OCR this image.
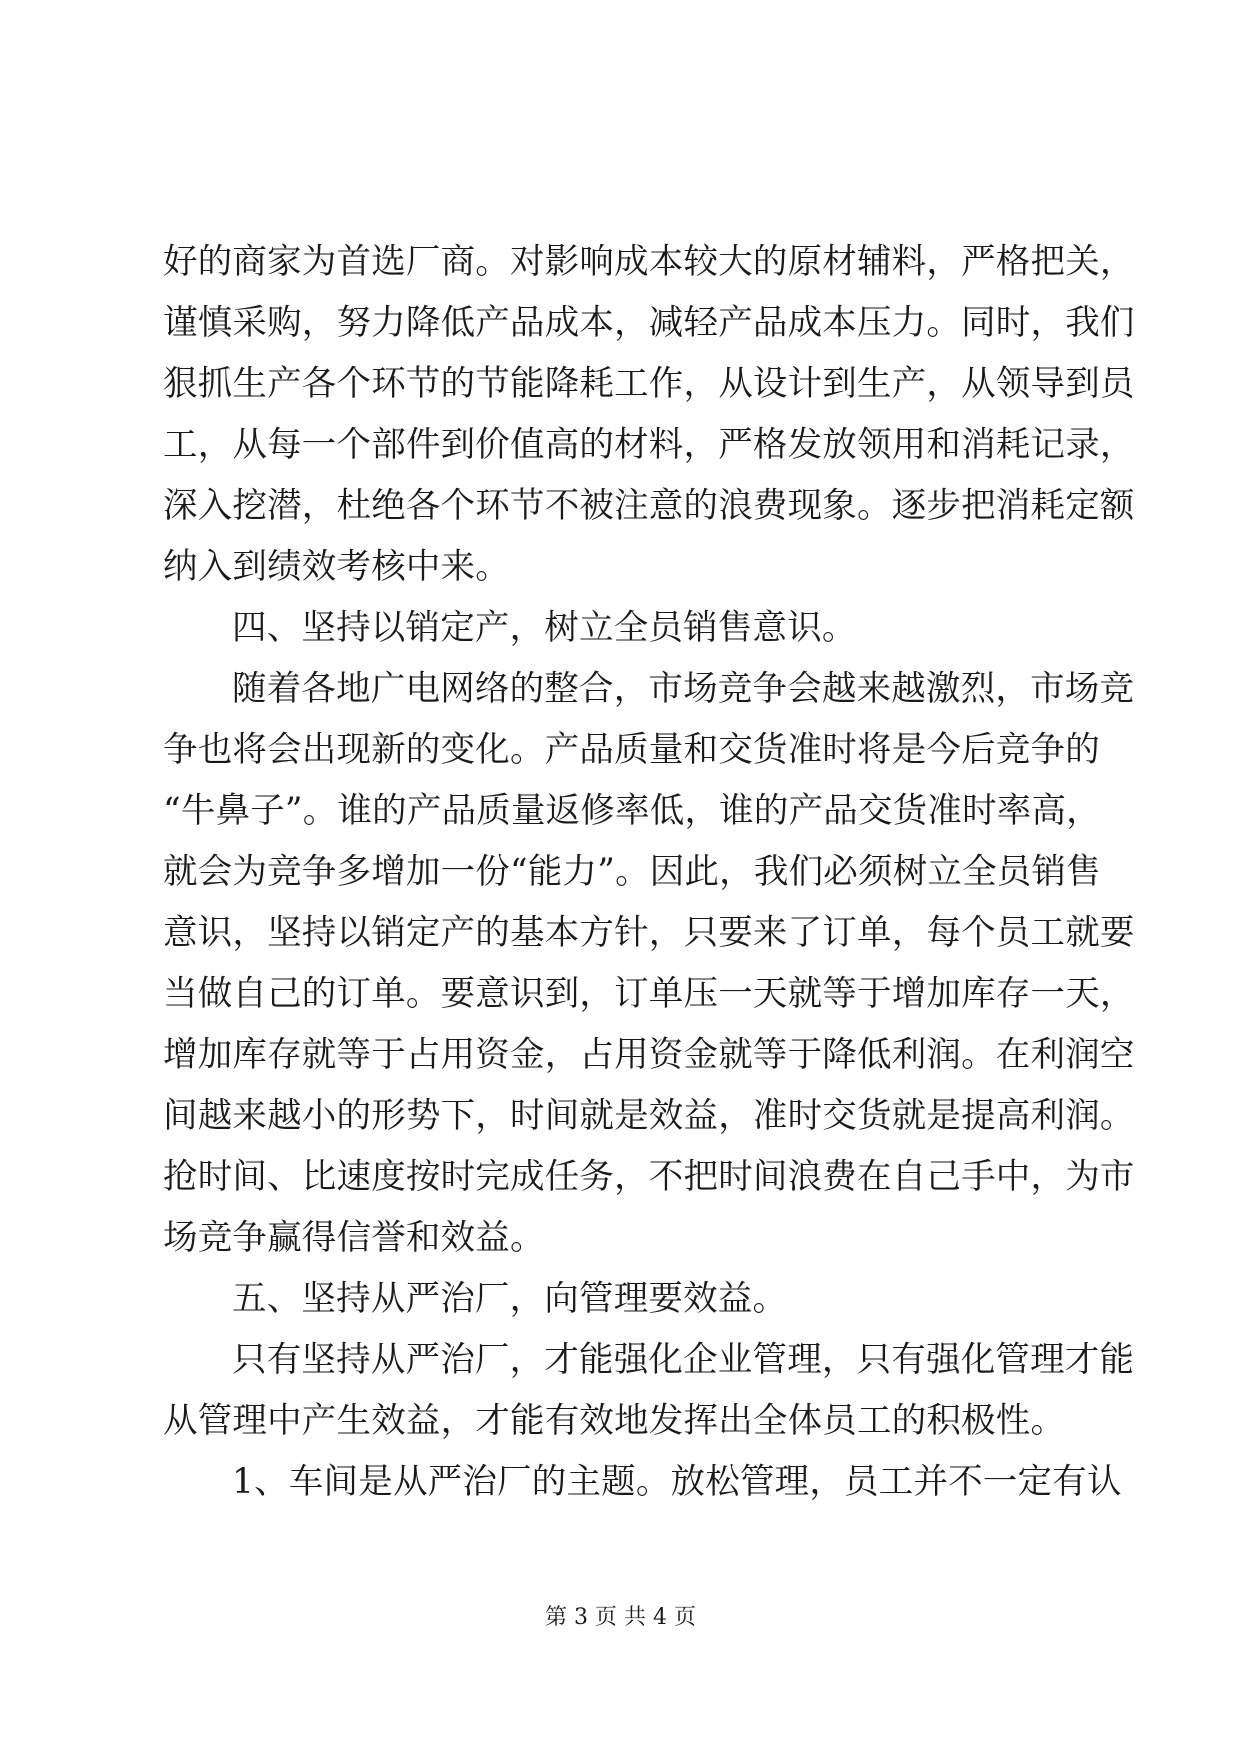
好的商家为首选厂商。对影响成本较大的原材辅料，严格把关，
谨慎采购，努力降低产品成本，减轻产品成本压力。同时，我们
狠抓生产各个环节的节能降耗工作，从设计到生产，从领导到员
工，从每一个部件到价值高的材料，严格发放领用和消耗记录，
深入挖潜，杜绝各个环节不被注意的浪费现象。逐步把消耗定额
纳入到绩效考核中来。
四、坚持以销定产，树立全员销售意识。
随着各地广电网络的整合，市场竞争会越来越激烈，市场竞
争也将会出现新的变化。产品质量和交货准时将是今后竞争的
“牛鼻子”。谁的产品质量返修率低，谁的产品交货准时率高，
就会为竞争多增加一份“能力”。因此，我们必须树立全员销售
意识，坚持以销定产的基本方针，只要来了订单，每个员工就要
当做自己的订单。要意识到，订单压一天就等于增加库存一天，
增加库存就等于占用资金，占用资金就等于降低利润。在利润空
间越来越小的形势下，时间就是效益，准时交货就是提高利润。
抢时间、比速度按时完成任务，不把时间浪费在自己手中，为市
场竞争赢得信誉和效益。
五、坚持从严治厂，向管理要效益。
只有坚持从严治厂，才能强化企业管理，只有强化管理才能
从管理中产生效益，才能有效地发挥出全体员工的积极性。
1、车间是从严治厂的主题。放松管理，员工并不一定有认
第 3 页 共 4 页
